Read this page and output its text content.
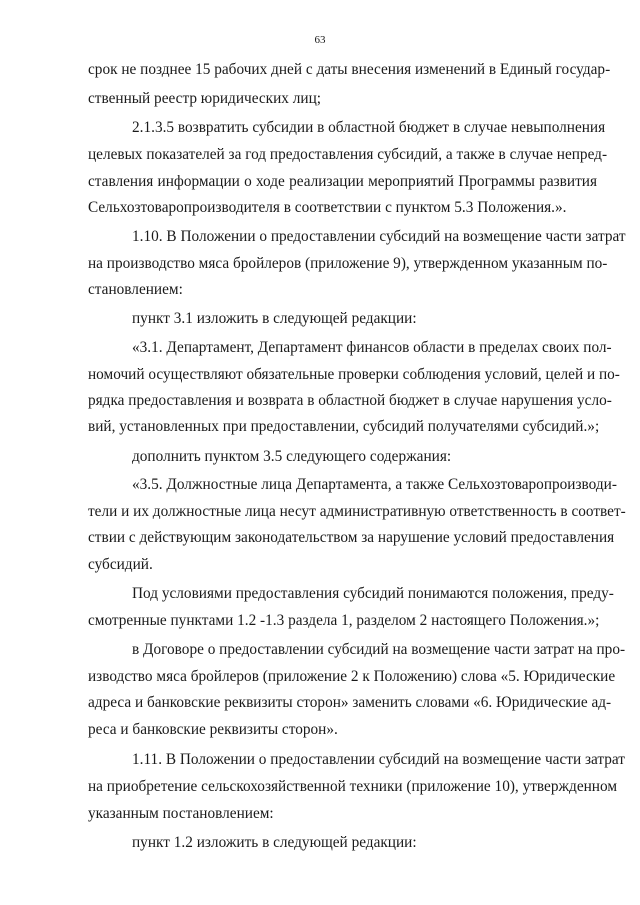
63
срок не позднее 15 рабочих дней с даты внесения изменений в Единый государ-
ственный реестр юридических лиц;
2.1.3.5 возвратить субсидии в областной бюджет в случае невыполнения
целевых показателей за год предоставления субсидий, а также в случае непред-
ставления информации о ходе реализации мероприятий Программы развития
Сельхозтоваропроизводителя в соответствии с пунктом 5.3 Положения.».
1.10. В Положении о предоставлении субсидий на возмещение части затрат
на производство мяса бройлеров (приложение 9), утвержденном указанным по-
становлением:
пункт 3.1 изложить в следующей редакции:
«3.1. Департамент, Департамент финансов области в пределах своих пол-
номочий осуществляют обязательные проверки соблюдения условий, целей и по-
рядка предоставления и возврата в областной бюджет в случае нарушения усло-
вий, установленных при предоставлении, субсидий получателями субсидий.»;
дополнить пунктом 3.5 следующего содержания:
«3.5. Должностные лица Департамента, а также Сельхозтоваропроизводи-
тели и их должностные лица несут административную ответственность в соответ-
ствии с действующим законодательством за нарушение условий предоставления
субсидий.
Под условиями предоставления субсидий понимаются положения, преду-
смотренные пунктами 1.2 -1.3 раздела 1, разделом 2 настоящего Положения.»;
в Договоре о предоставлении субсидий на возмещение части затрат на про-
изводство мяса бройлеров (приложение 2 к Положению) слова «5. Юридические
адреса и банковские реквизиты сторон» заменить словами «6. Юридические ад-
реса и банковские реквизиты сторон».
1.11. В Положении о предоставлении субсидий на возмещение части затрат
на приобретение сельскохозяйственной техники (приложение 10), утвержденном
указанным постановлением:
пункт 1.2 изложить в следующей редакции:
